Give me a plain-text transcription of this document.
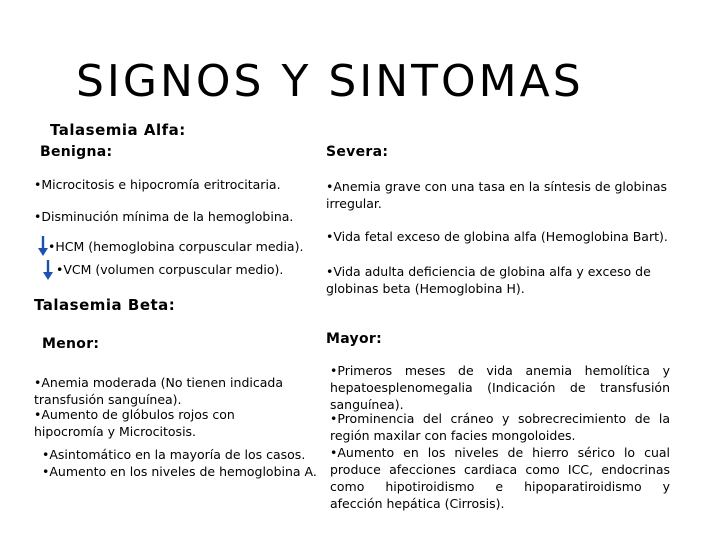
SIGNOS Y SINTOMAS
Talasemia Alfa:
Benigna:
•Microcitosis e hipocromía eritrocitaria.
•Disminución mínima de la hemoglobina.
•HCM (hemoglobina corpuscular media).
•VCM (volumen corpuscular medio).
Severa:
•Anemia grave con una tasa en la síntesis de globinas
irregular.
•Vida fetal exceso de globina alfa (Hemoglobina Bart).
•Vida adulta deficiencia de globina alfa y exceso de
globinas beta (Hemoglobina H).
Talasemia Beta:
Menor:
•Anemia moderada (No tienen indicada
transfusión sanguínea).
•Aumento de glóbulos rojos con
hipocromía y Microcitosis.
•Asintomático en la mayoría de los casos.
•Aumento en los niveles de hemoglobina A.
Mayor:
•Primeros meses de vida anemia hemolítica y
hepatoesplenomegalia (Indicación de transfusión
sanguínea).
•Prominencia del cráneo y sobrecrecimiento de la
región maxilar con facies mongoloides.
•Aumento en los niveles de hierro sérico lo cual
produce afecciones cardiaca como ICC, endocrinas
como hipotiroidismo e hipoparatiroidismo y
afección hepática (Cirrosis).
